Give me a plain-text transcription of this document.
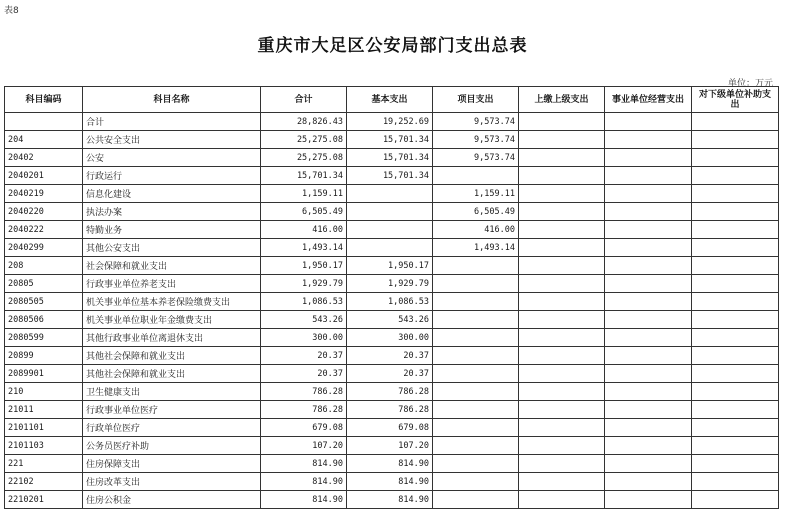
表8
重庆市大足区公安局部门支出总表
单位：万元
科目编码	科目名称	合计	基本支出	项目支出	上缴上级支出	事业单位经营支出	对下级单位补助支出
	合计	28,826.43	19,252.69	9,573.74			
204	公共安全支出	25,275.08	15,701.34	9,573.74			
20402	公安	25,275.08	15,701.34	9,573.74			
2040201	行政运行	15,701.34	15,701.34				
2040219	信息化建设	1,159.11		1,159.11			
2040220	执法办案	6,505.49		6,505.49			
2040222	特勤业务	416.00		416.00			
2040299	其他公安支出	1,493.14		1,493.14			
208	社会保障和就业支出	1,950.17	1,950.17				
20805	行政事业单位养老支出	1,929.79	1,929.79				
2080505	机关事业单位基本养老保险缴费支出	1,086.53	1,086.53				
2080506	机关事业单位职业年金缴费支出	543.26	543.26				
2080599	其他行政事业单位离退休支出	300.00	300.00				
20899	其他社会保障和就业支出	20.37	20.37				
2089901	其他社会保障和就业支出	20.37	20.37				
210	卫生健康支出	786.28	786.28				
21011	行政事业单位医疗	786.28	786.28				
2101101	行政单位医疗	679.08	679.08				
2101103	公务员医疗补助	107.20	107.20				
221	住房保障支出	814.90	814.90				
22102	住房改革支出	814.90	814.90				
2210201	住房公积金	814.90	814.90				
